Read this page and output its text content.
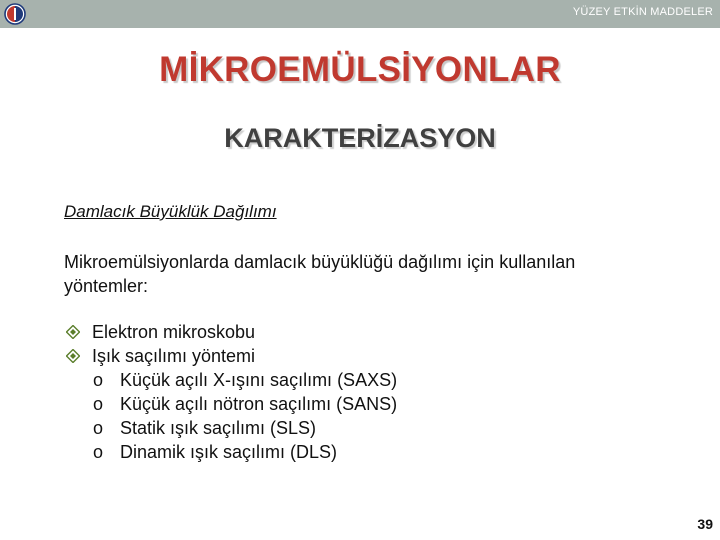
YÜZEY ETKİN MADDELER
MİKROEMÜLSİYONLAR
KARAKTERİZASYON
Damlacık Büyüklük Dağılımı

Mikroemülsiyonlarda damlacık büyüklüğü dağılımı için kullanılan yöntemler:

Elektron mikroskobu
Işık saçılımı yöntemi
o Küçük açılı X-ışını saçılımı (SAXS)
o Küçük açılı nötron saçılımı (SANS)
o Statik ışık saçılımı (SLS)
o Dinamik ışık saçılımı (DLS)
39
